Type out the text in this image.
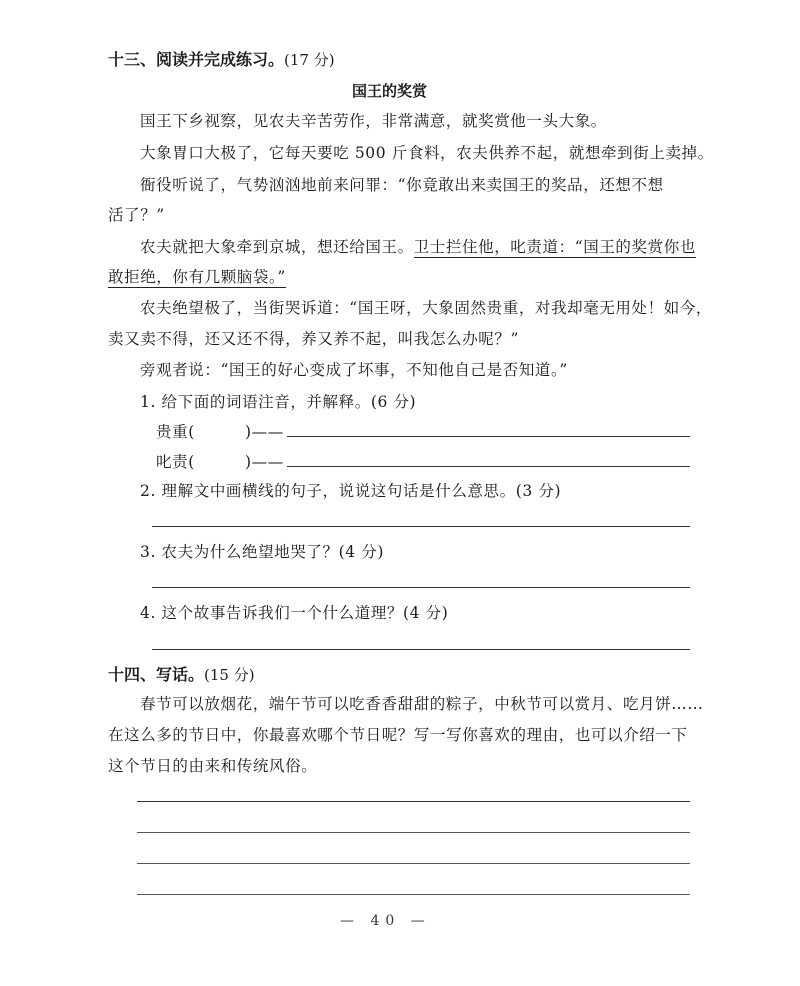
十三、阅读并完成练习。(17 分)
国王的奖赏
国王下乡视察，见农夫辛苦劳作，非常满意，就奖赏他一头大象。
大象胃口大极了，它每天要吃 500 斤食料，农夫供养不起，就想牵到街上卖掉。
衙役听说了，气势汹汹地前来问罪：“你竟敢出来卖国王的奖品，还想不想
活了？”
农夫就把大象牵到京城，想还给国王。卫士拦住他，叱责道：“国王的奖赏你也
敢拒绝，你有几颗脑袋。”
农夫绝望极了，当街哭诉道：“国王呀，大象固然贵重，对我却毫无用处！如今，
卖又卖不得，还又还不得，养又养不起，叫我怎么办呢？”
旁观者说：“国王的好心变成了坏事，不知他自己是否知道。”
1. 给下面的词语注音，并解释。(6 分)
贵重(	)——
叱责(	)——
2. 理解文中画横线的句子，说说这句话是什么意思。(3 分)
3. 农夫为什么绝望地哭了？(4 分)
4. 这个故事告诉我们一个什么道理？(4 分)
十四、写话。(15 分)
春节可以放烟花，端午节可以吃香香甜甜的粽子，中秋节可以赏月、吃月饼……
在这么多的节日中，你最喜欢哪个节日呢？写一写你喜欢的理由，也可以介绍一下
这个节日的由来和传统风俗。
— 40 —
